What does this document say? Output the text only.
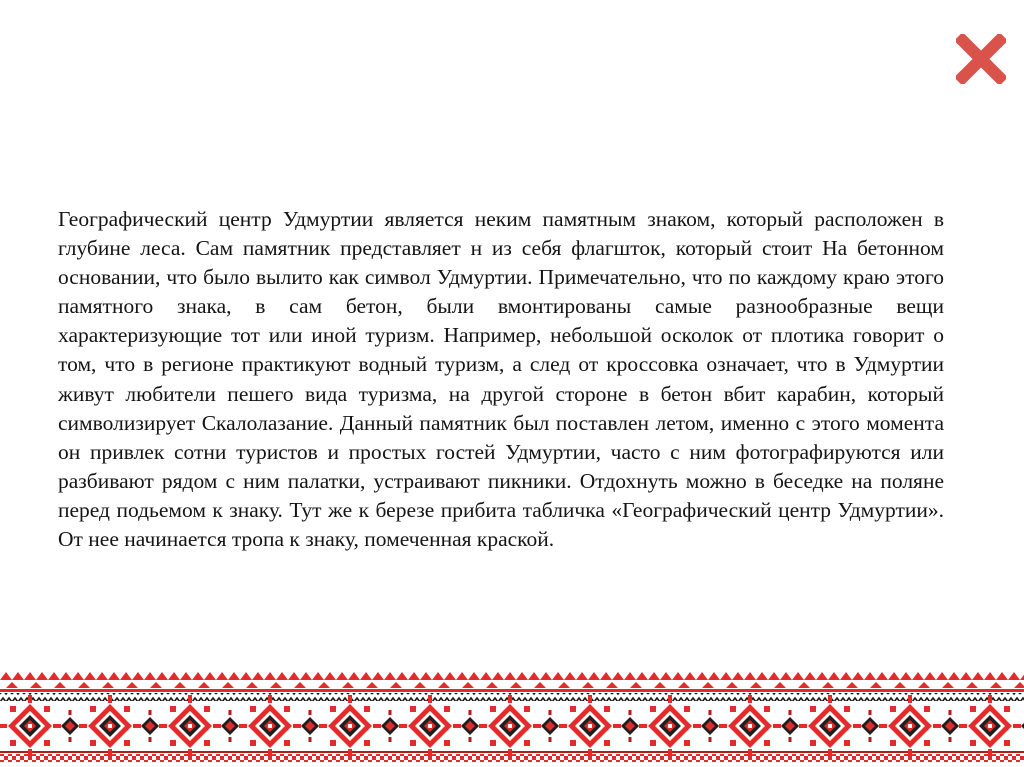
Географический центр Удмуртии является неким памятным знаком, который расположен в глубине леса. Сам памятник представляет н из себя флагшток, который стоит На бетонном основании, что было вылито как символ Удмуртии. Примечательно, что по каждому краю этого памятного знака, в сам бетон, были вмонтированы самые разнообразные вещи характеризующие тот или иной туризм. Например, небольшой осколок от плотика говорит о том, что в регионе практикуют водный туризм, а след от кроссовка означает, что в Удмуртии живут любители пешего вида туризма, на другой стороне в бетон вбит карабин, который символизирует Скалолазание. Данный памятник был поставлен летом, именно с этого момента он привлек сотни туристов и простых гостей Удмуртии, часто с ним фотографируются или разбивают рядом с ним палатки, устраивают пикники. Отдохнуть можно в беседке на поляне перед подьемом к знаку. Тут же к березе прибита табличка «Географический центр Удмуртии». От нее начинается тропа к знаку, помеченная краской.
